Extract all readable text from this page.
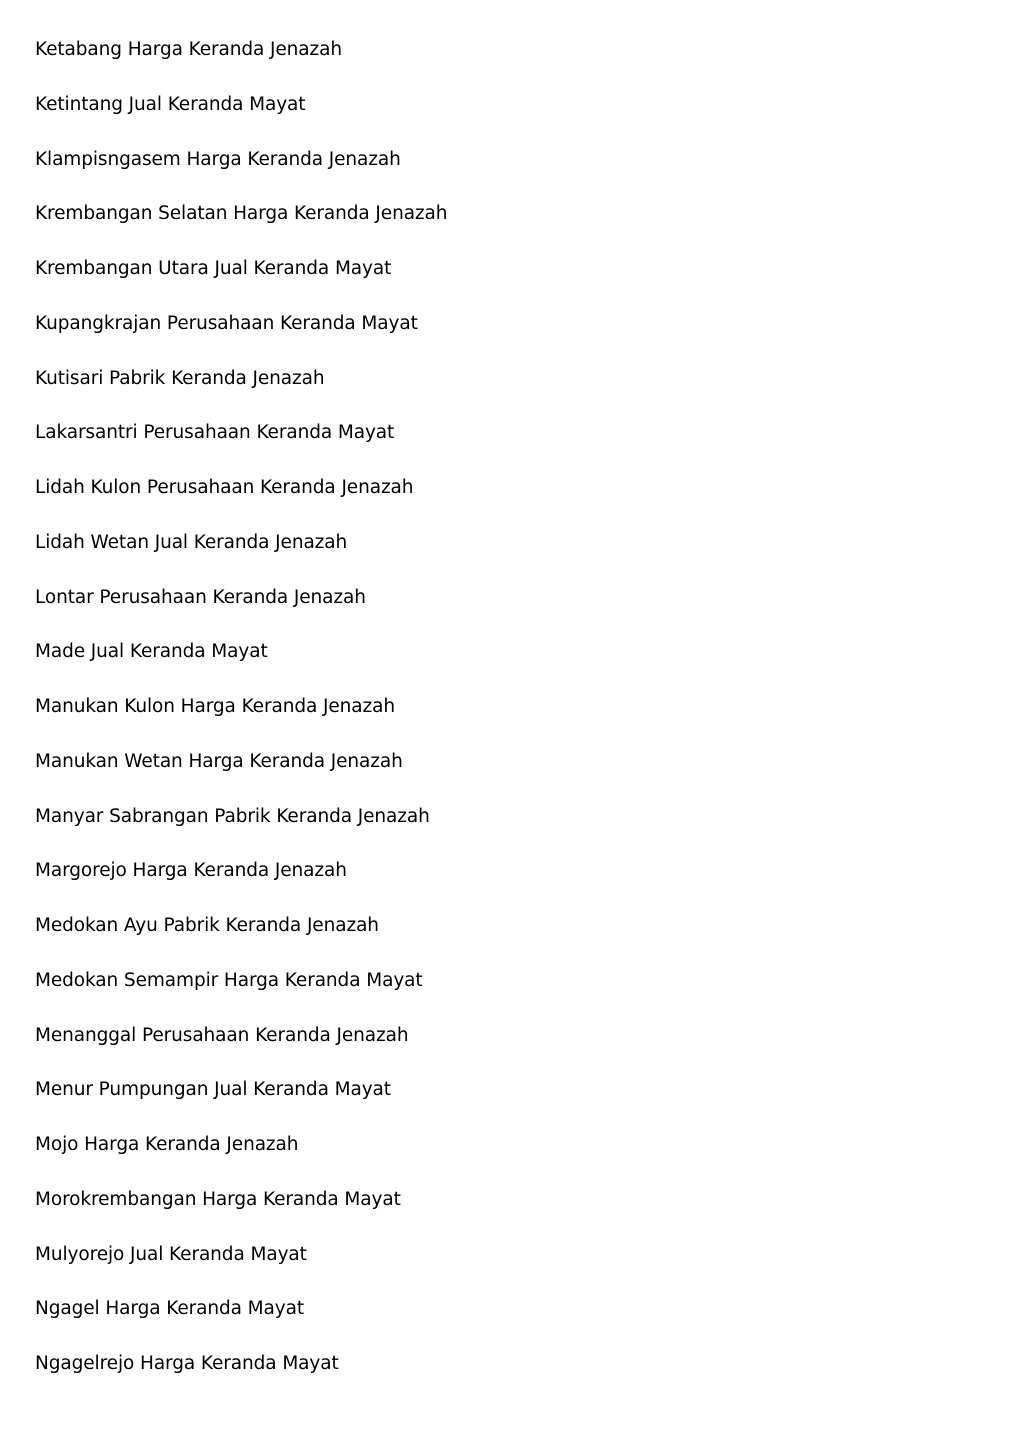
Ketabang Harga Keranda Jenazah
Ketintang Jual Keranda Mayat
Klampisngasem Harga Keranda Jenazah
Krembangan Selatan Harga Keranda Jenazah
Krembangan Utara Jual Keranda Mayat
Kupangkrajan Perusahaan Keranda Mayat
Kutisari Pabrik Keranda Jenazah
Lakarsantri Perusahaan Keranda Mayat
Lidah Kulon Perusahaan Keranda Jenazah
Lidah Wetan Jual Keranda Jenazah
Lontar Perusahaan Keranda Jenazah
Made Jual Keranda Mayat
Manukan Kulon Harga Keranda Jenazah
Manukan Wetan Harga Keranda Jenazah
Manyar Sabrangan Pabrik Keranda Jenazah
Margorejo Harga Keranda Jenazah
Medokan Ayu Pabrik Keranda Jenazah
Medokan Semampir Harga Keranda Mayat
Menanggal Perusahaan Keranda Jenazah
Menur Pumpungan Jual Keranda Mayat
Mojo Harga Keranda Jenazah
Morokrembangan Harga Keranda Mayat
Mulyorejo Jual Keranda Mayat
Ngagel Harga Keranda Mayat
Ngagelrejo Harga Keranda Mayat
